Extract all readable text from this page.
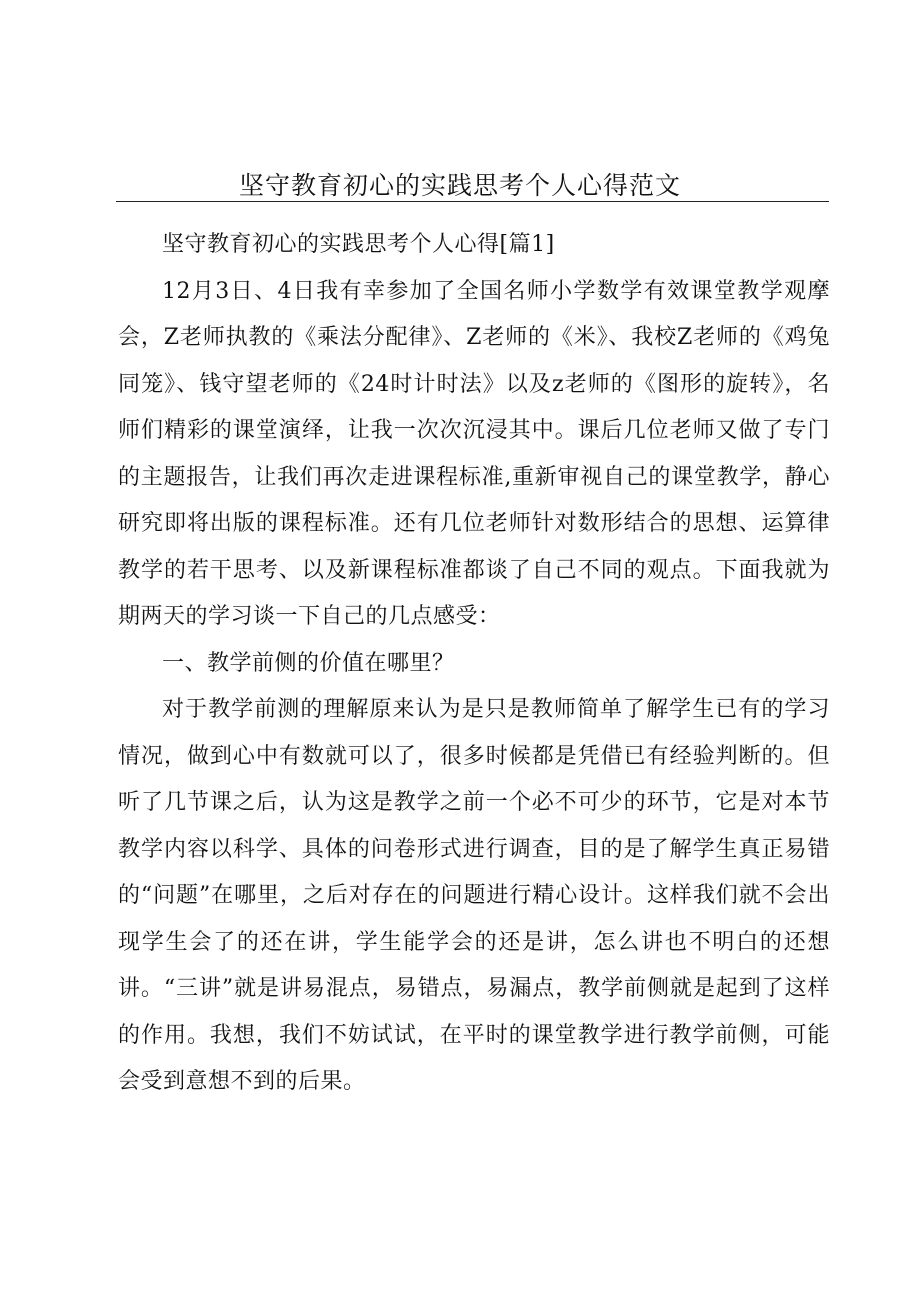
坚守教育初心的实践思考个人心得范文

坚守教育初心的实践思考个人心得[篇1]

12月3日、4日我有幸参加了全国名师小学数学有效课堂教学观摩会，Z老师执教的《乘法分配律》、Z老师的《米》、我校Z老师的《鸡兔同笼》、钱守望老师的《24时计时法》以及z老师的《图形的旋转》，名师们精彩的课堂演绎，让我一次次沉浸其中。课后几位老师又做了专门的主题报告，让我们再次走进课程标准,重新审视自己的课堂教学，静心研究即将出版的课程标准。还有几位老师针对数形结合的思想、运算律教学的若干思考、以及新课程标准都谈了自己不同的观点。下面我就为期两天的学习谈一下自己的几点感受：

一、教学前侧的价值在哪里？

对于教学前测的理解原来认为是只是教师简单了解学生已有的学习情况，做到心中有数就可以了，很多时候都是凭借已有经验判断的。但听了几节课之后，认为这是教学之前一个必不可少的环节，它是对本节教学内容以科学、具体的问卷形式进行调查，目的是了解学生真正易错的“问题”在哪里，之后对存在的问题进行精心设计。这样我们就不会出现学生会了的还在讲，学生能学会的还是讲，怎么讲也不明白的还想讲。“三讲”就是讲易混点，易错点，易漏点，教学前侧就是起到了这样的作用。我想，我们不妨试试，在平时的课堂教学进行教学前侧，可能会受到意想不到的后果。
